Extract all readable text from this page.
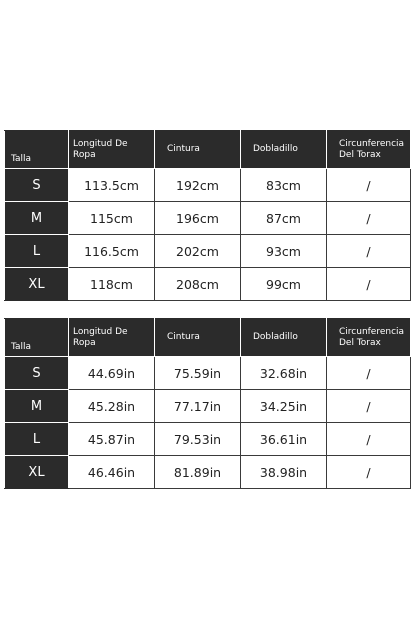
Talla	Longitud De Ropa	Cintura	Dobladillo	Circunferencia
Del Torax
S	113.5cm	192cm	83cm	/
M	115cm	196cm	87cm	/
L	116.5cm	202cm	93cm	/
XL	118cm	208cm	99cm	/
Talla	Longitud De Ropa	Cintura	Dobladillo	Circunferencia
Del Torax
S	44.69in	75.59in	32.68in	/
M	45.28in	77.17in	34.25in	/
L	45.87in	79.53in	36.61in	/
XL	46.46in	81.89in	38.98in	/
